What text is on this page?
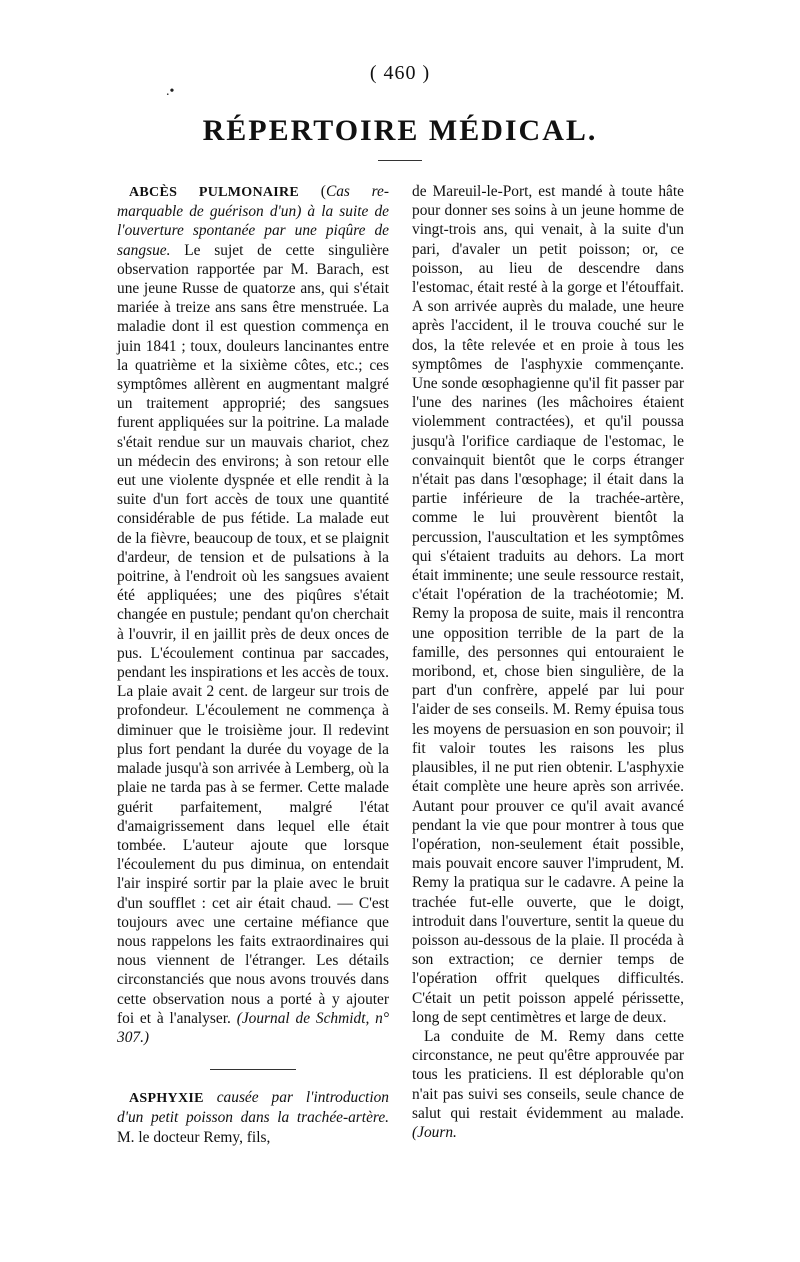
( 460 )
.•
RÉPERTOIRE MÉDICAL.

ABCÈS PULMONAIRE (Cas re-marquable de guérison d'un) à la suite de l'ouverture spontanée par une piqûre de sangsue. Le sujet de cette singulière observation rapportée par M. Barach, est une jeune Russe de quatorze ans, qui s'était mariée à treize ans sans être menstruée. La maladie dont il est question commença en juin 1841 ; toux, douleurs lancinantes entre la quatrième et la sixième côtes, etc.; ces symptômes allèrent en augmentant malgré un traitement approprié; des sangsues furent appliquées sur la poitrine. La malade s'était rendue sur un mauvais chariot, chez un médecin des environs; à son retour elle eut une violente dyspnée et elle rendit à la suite d'un fort accès de toux une quantité considérable de pus fétide. La malade eut de la fièvre, beaucoup de toux, et se plaignit d'ardeur, de tension et de pulsations à la poitrine, à l'endroit où les sangsues avaient été appliquées; une des piqûres s'était changée en pustule; pendant qu'on cherchait à l'ouvrir, il en jaillit près de deux onces de pus. L'écoulement continua par saccades, pendant les inspirations et les accès de toux. La plaie avait 2 cent. de largeur sur trois de profondeur. L'écoulement ne commença à diminuer que le troisième jour. Il redevint plus fort pendant la durée du voyage de la malade jusqu'à son arrivée à Lemberg, où la plaie ne tarda pas à se fermer. Cette malade guérit parfaitement, malgré l'état d'amaigrissement dans lequel elle était tombée. L'auteur ajoute que lorsque l'écoulement du pus diminua, on entendait l'air inspiré sortir par la plaie avec le bruit d'un soufflet : cet air était chaud. — C'est toujours avec une certaine méfiance que nous rappelons les faits extraordinaires qui nous viennent de l'étranger. Les détails circonstanciés que nous avons trouvés dans cette observation nous a porté à y ajouter foi et à l'analyser. (Journal de Schmidt, n° 307.)

ASPHYXIE causée par l'introduction d'un petit poisson dans la trachée-artère. M. le docteur Remy, fils,

de Mareuil-le-Port, est mandé à toute hâte pour donner ses soins à un jeune homme de vingt-trois ans, qui venait, à la suite d'un pari, d'avaler un petit poisson; or, ce poisson, au lieu de descendre dans l'estomac, était resté à la gorge et l'étouffait. A son arrivée auprès du malade, une heure après l'accident, il le trouva couché sur le dos, la tête relevée et en proie à tous les symptômes de l'asphyxie commençante. Une sonde œsophagienne qu'il fit passer par l'une des narines (les mâchoires étaient violemment contractées), et qu'il poussa jusqu'à l'orifice cardiaque de l'estomac, le convainquit bientôt que le corps étranger n'était pas dans l'œsophage; il était dans la partie inférieure de la trachée-artère, comme le lui prouvèrent bientôt la percussion, l'auscultation et les symptômes qui s'étaient traduits au dehors. La mort était imminente; une seule ressource restait, c'était l'opération de la trachéotomie; M. Remy la proposa de suite, mais il rencontra une opposition terrible de la part de la famille, des personnes qui entouraient le moribond, et, chose bien singulière, de la part d'un confrère, appelé par lui pour l'aider de ses conseils. M. Remy épuisa tous les moyens de persuasion en son pouvoir; il fit valoir toutes les raisons les plus plausibles, il ne put rien obtenir. L'asphyxie était complète une heure après son arrivée. Autant pour prouver ce qu'il avait avancé pendant la vie que pour montrer à tous que l'opération, non-seulement était possible, mais pouvait encore sauver l'imprudent, M. Remy la pratiqua sur le cadavre. A peine la trachée fut-elle ouverte, que le doigt, introduit dans l'ouverture, sentit la queue du poisson au-dessous de la plaie. Il procéda à son extraction; ce dernier temps de l'opération offrit quelques difficultés. C'était un petit poisson appelé périssette, long de sept centimètres et large de deux.

La conduite de M. Remy dans cette circonstance, ne peut qu'être approuvée par tous les praticiens. Il est déplorable qu'on n'ait pas suivi ses conseils, seule chance de salut qui restait évidemment au malade. (Journ.
